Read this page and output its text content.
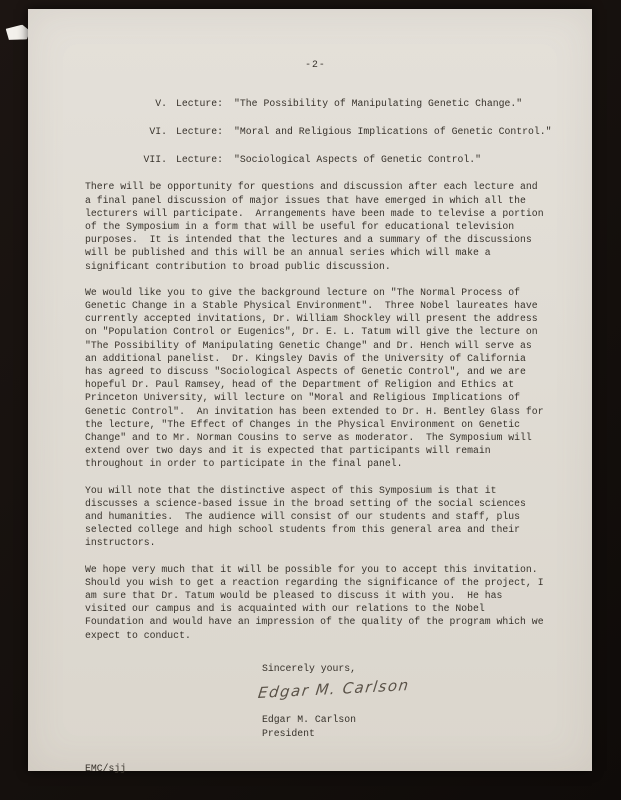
-2-
V. Lecture: "The Possibility of Manipulating Genetic Change."
VI. Lecture: "Moral and Religious Implications of Genetic Control."
VII. Lecture: "Sociological Aspects of Genetic Control."

There will be opportunity for questions and discussion after each lecture and a final panel discussion of major issues that have emerged in which all the lecturers will participate.  Arrangements have been made to televise a portion of the Symposium in a form that will be useful for educational television purposes.  It is intended that the lectures and a summary of the discussions will be published and this will be an annual series which will make a significant contribution to broad public discussion.

We would like you to give the background lecture on "The Normal Process of Genetic Change in a Stable Physical Environment".  Three Nobel laureates have currently accepted invitations, Dr. William Shockley will present the address on "Population Control or Eugenics", Dr. E. L. Tatum will give the lecture on "The Possibility of Manipulating Genetic Change" and Dr. Hench will serve as an additional panelist.  Dr. Kingsley Davis of the University of California has agreed to discuss "Sociological Aspects of Genetic Control", and we are hopeful Dr. Paul Ramsey, head of the Department of Religion and Ethics at Princeton University, will lecture on "Moral and Religious Implications of Genetic Control".  An invitation has been extended to Dr. H. Bentley Glass for the lecture, "The Effect of Changes in the Physical Environment on Genetic Change" and to Mr. Norman Cousins to serve as moderator.  The Symposium will extend over two days and it is expected that participants will remain throughout in order to participate in the final panel.

You will note that the distinctive aspect of this Symposium is that it discusses a science-based issue in the broad setting of the social sciences and humanities.  The audience will consist of our students and staff, plus selected college and high school students from this general area and their instructors.

We hope very much that it will be possible for you to accept this invitation.  Should you wish to get a reaction regarding the significance of the project, I am sure that Dr. Tatum would be pleased to discuss it with you.  He has visited our campus and is acquainted with our relations to the Nobel Foundation and would have an impression of the quality of the program which we expect to conduct.

Sincerely yours,
Edgar M. Carlson
Edgar M. Carlson
President
EMC/sjj
